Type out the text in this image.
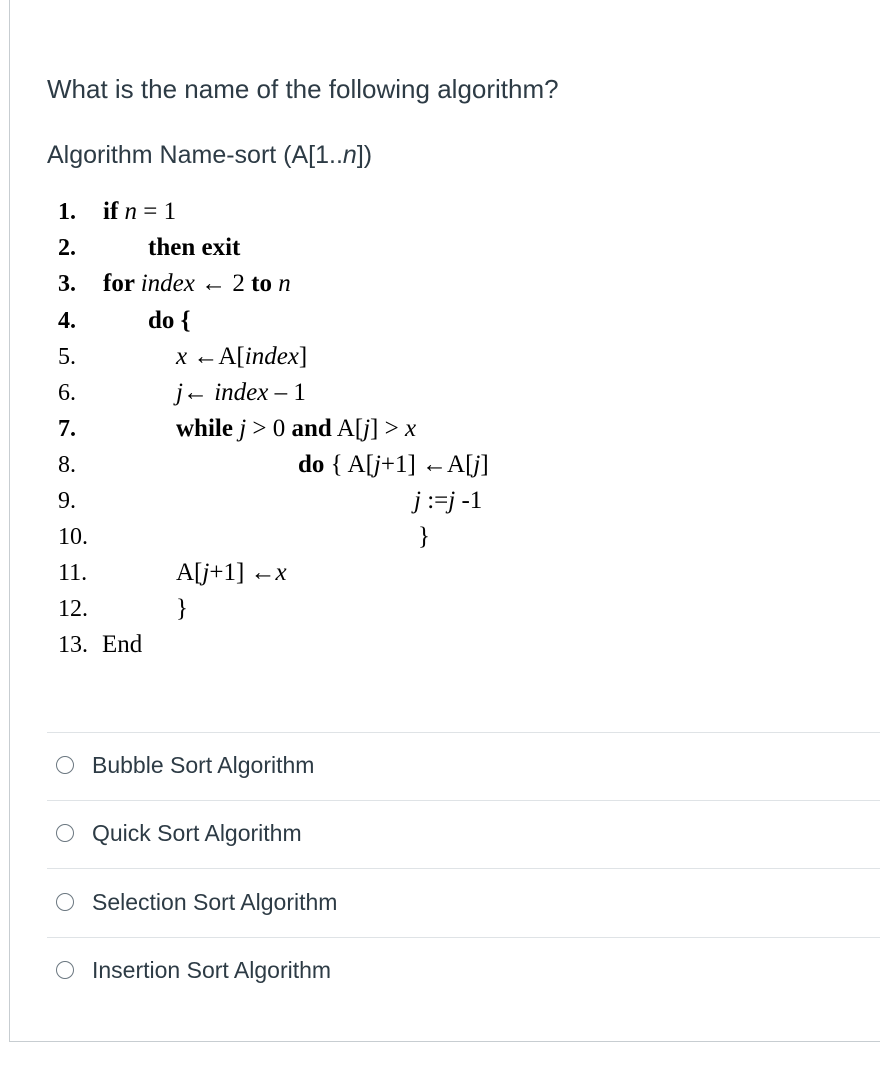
What is the name of the following algorithm?
Algorithm Name-sort (A[1..n])
1. if n = 1
2.	then exit
3. for index ← 2 to n
4.	do {
5.	x ←A[index]
6.	j← index – 1
7.	while j > 0 and A[j] > x
8.	do { A[j+1] ←A[j]
9.	j :=j -1
10.	}
11.	A[j+1] ←x
12.	}
13. End
Bubble Sort Algorithm
Quick Sort Algorithm
Selection Sort Algorithm
Insertion Sort Algorithm
